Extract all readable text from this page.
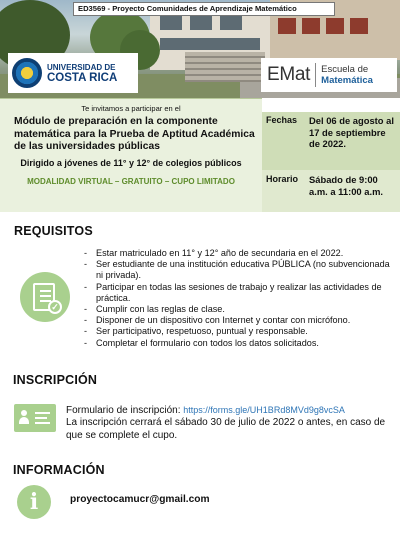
ED3569 - Proyecto Comunidades de Aprendizaje Matemático
UNIVERSIDAD DE
COSTA RICA	EMat Escuela de
Matemática
Te invitamos a participar en el
Módulo de preparación en la componente matemática para la Prueba de Aptitud Académica de las universidades públicas
Dirigido a jóvenes de 11° y 12° de colegios públicos
MODALIDAD VIRTUAL – GRATUITO – CUPO LIMITADO
Fechas Del 06 de agosto al 17 de septiembre de 2022.
Horario Sábado de 9:00 a.m. a 11:00 a.m.
REQUISITOS
✓
- Estar matriculado en 11° y 12° año de secundaria en el 2022.
- Ser estudiante de una institución educativa PÚBLICA (no subvencionada ni privada).
- Participar en todas las sesiones de trabajo y realizar las actividades de práctica.
- Cumplir con las reglas de clase.
- Disponer de un dispositivo con Internet y contar con micrófono.
- Ser participativo, respetuoso, puntual y responsable.
- Completar el formulario con todos los datos solicitados.
INSCRIPCIÓN
Formulario de inscripción: https://forms.gle/UH1BRd8MVd9g8vcSA
La inscripción cerrará el sábado 30 de julio de 2022 o antes, en caso de que se complete el cupo.
INFORMACIÓN
i	proyectocamucr@gmail.com
